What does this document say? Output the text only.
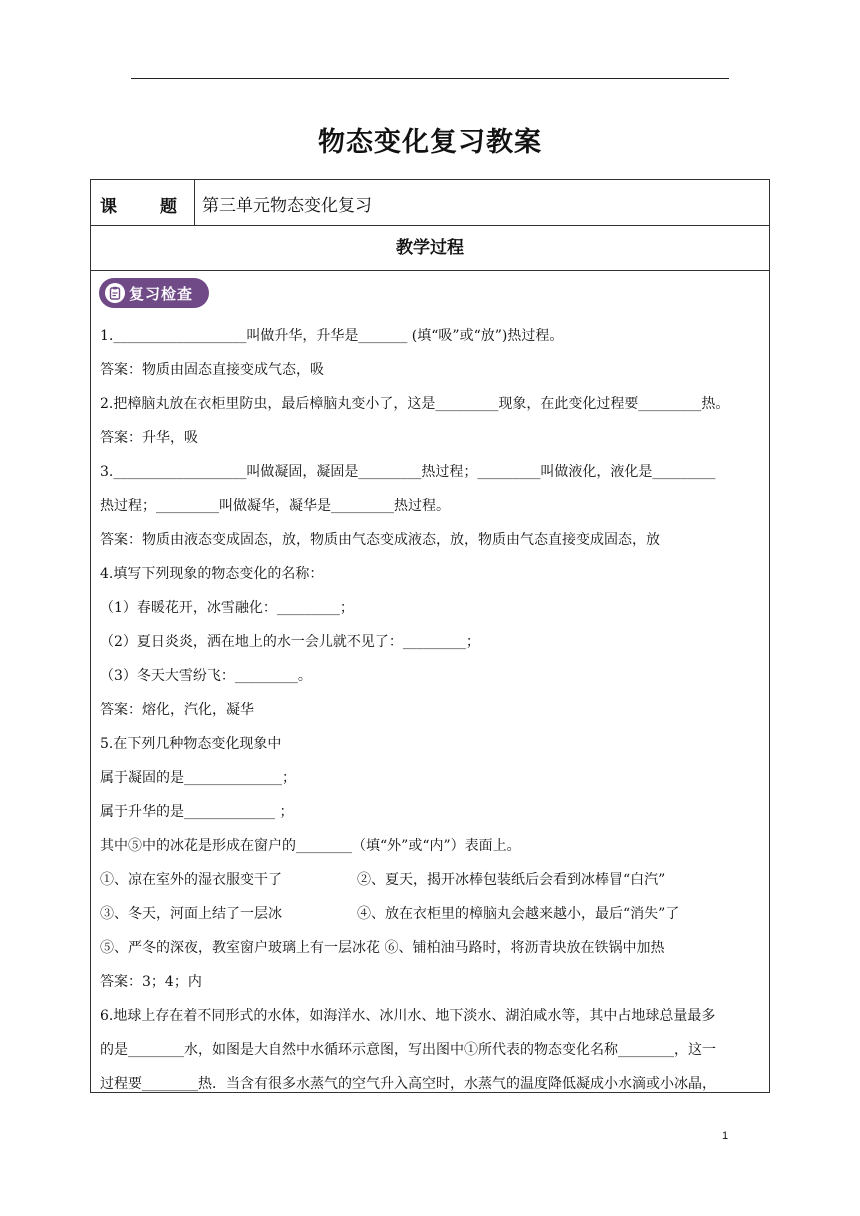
物态变化复习教案
课	题 第三单元物态变化复习
教学过程
复习检查
1.___________________叫做升华，升华是_______ (填“吸”或“放”)热过程。
答案：物质由固态直接变成气态，吸
2.把樟脑丸放在衣柜里防虫，最后樟脑丸变小了，这是_________现象，在此变化过程要_________热。
答案：升华，吸
3.___________________叫做凝固，凝固是_________热过程；_________叫做液化，液化是_________
热过程；_________叫做凝华，凝华是_________热过程。
答案：物质由液态变成固态，放，物质由气态变成液态，放，物质由气态直接变成固态，放
4.填写下列现象的物态变化的名称：
（1）春暖花开，冰雪融化：_________；
（2）夏日炎炎，洒在地上的水一会儿就不见了：_________；
（3）冬天大雪纷飞：_________。
答案：熔化，汽化，凝华
5.在下列几种物态变化现象中
属于凝固的是______________；
属于升华的是_____________ ；
其中⑤中的冰花是形成在窗户的________（填“外”或“内”）表面上。
①、凉在室外的湿衣服变干了	②、夏天，揭开冰棒包装纸后会看到冰棒冒“白汽”
③、冬天，河面上结了一层冰	④、放在衣柜里的樟脑丸会越来越小，最后“消失”了
⑤、严冬的深夜，教室窗户玻璃上有一层冰花 ⑥、铺柏油马路时，将沥青块放在铁锅中加热
答案：3；4；内
6.地球上存在着不同形式的水体，如海洋水、冰川水、地下淡水、湖泊咸水等，其中占地球总量最多
的是________水，如图是大自然中水循环示意图，写出图中①所代表的物态变化名称________，这一
过程要________热．当含有很多水蒸气的空气升入高空时，水蒸气的温度降低凝成小水滴或小冰晶，
1
